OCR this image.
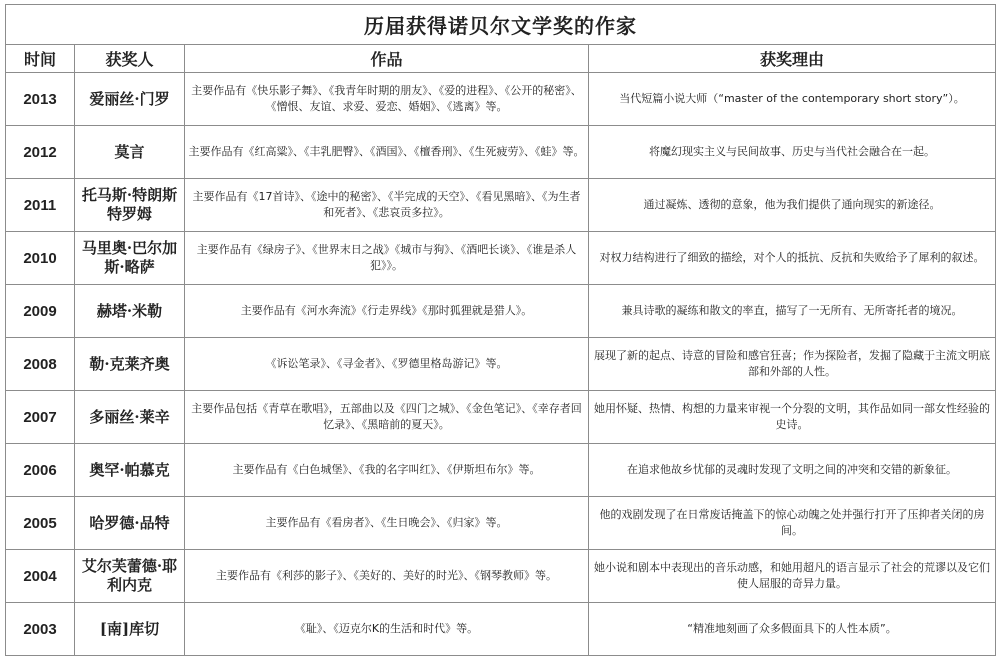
历届获得诺贝尔文学奖的作家			
时间	获奖人	作品	获奖理由
2013	爱丽丝·门罗	主要作品有《快乐影子舞》、《我青年时期的朋友》、《爱的进程》、《公开的秘密》、《憎恨、友谊、求爱、爱恋、婚姻》、《逃离》等。	当代短篇小说大师（“master of the contemporary short story”）。
2012	莫言	主要作品有《红高粱》、《丰乳肥臀》、《酒国》、《檀香刑》、《生死疲劳》、《蛙》等。	将魔幻现实主义与民间故事、历史与当代社会融合在一起。
2011	托马斯·特朗斯特罗姆	主要作品有《17首诗》、《途中的秘密》、《半完成的天空》、《看见黑暗》、《为生者和死者》、《悲哀贡多拉》。	通过凝炼、透彻的意象，他为我们提供了通向现实的新途径。
2010	马里奥·巴尔加斯·略萨	主要作品有《绿房子》、《世界末日之战》《城市与狗》、《酒吧长谈》、《谁是杀人犯》》。	对权力结构进行了细致的描绘，对个人的抵抗、反抗和失败给予了犀利的叙述。
2009	赫塔·米勒	主要作品有《河水奔流》《行走界线》《那时狐狸就是猎人》。	兼具诗歌的凝练和散文的率直，描写了一无所有、无所寄托者的境况。
2008	勒·克莱齐奥	《诉讼笔录》、《寻金者》、《罗德里格岛游记》等。	展现了新的起点、诗意的冒险和感官狂喜；作为探险者，发掘了隐藏于主流文明底部和外部的人性。
2007	多丽丝·莱辛	主要作品包括《青草在歌唱》，五部曲以及《四门之城》、《金色笔记》、《幸存者回忆录》、《黑暗前的夏天》。	她用怀疑、热情、构想的力量来审视一个分裂的文明，其作品如同一部女性经验的史诗。
2006	奥罕·帕慕克	主要作品有《白色城堡》、《我的名字叫红》、《伊斯坦布尔》等。	在追求他故乡忧郁的灵魂时发现了文明之间的冲突和交错的新象征。
2005	哈罗德·品特	主要作品有《看房者》、《生日晚会》、《归家》等。	他的戏剧发现了在日常废话掩盖下的惊心动魄之处并强行打开了压抑者关闭的房间。
2004	艾尔芙蕾德·耶利内克	主要作品有《利莎的影子》、《美好的、美好的时光》、《钢琴教师》等。	她小说和剧本中表现出的音乐动感，和她用超凡的语言显示了社会的荒谬以及它们使人屈服的奇异力量。
2003	[南]库切	《耻》、《迈克尔K的生活和时代》等。	“精准地刻画了众多假面具下的人性本质”。
